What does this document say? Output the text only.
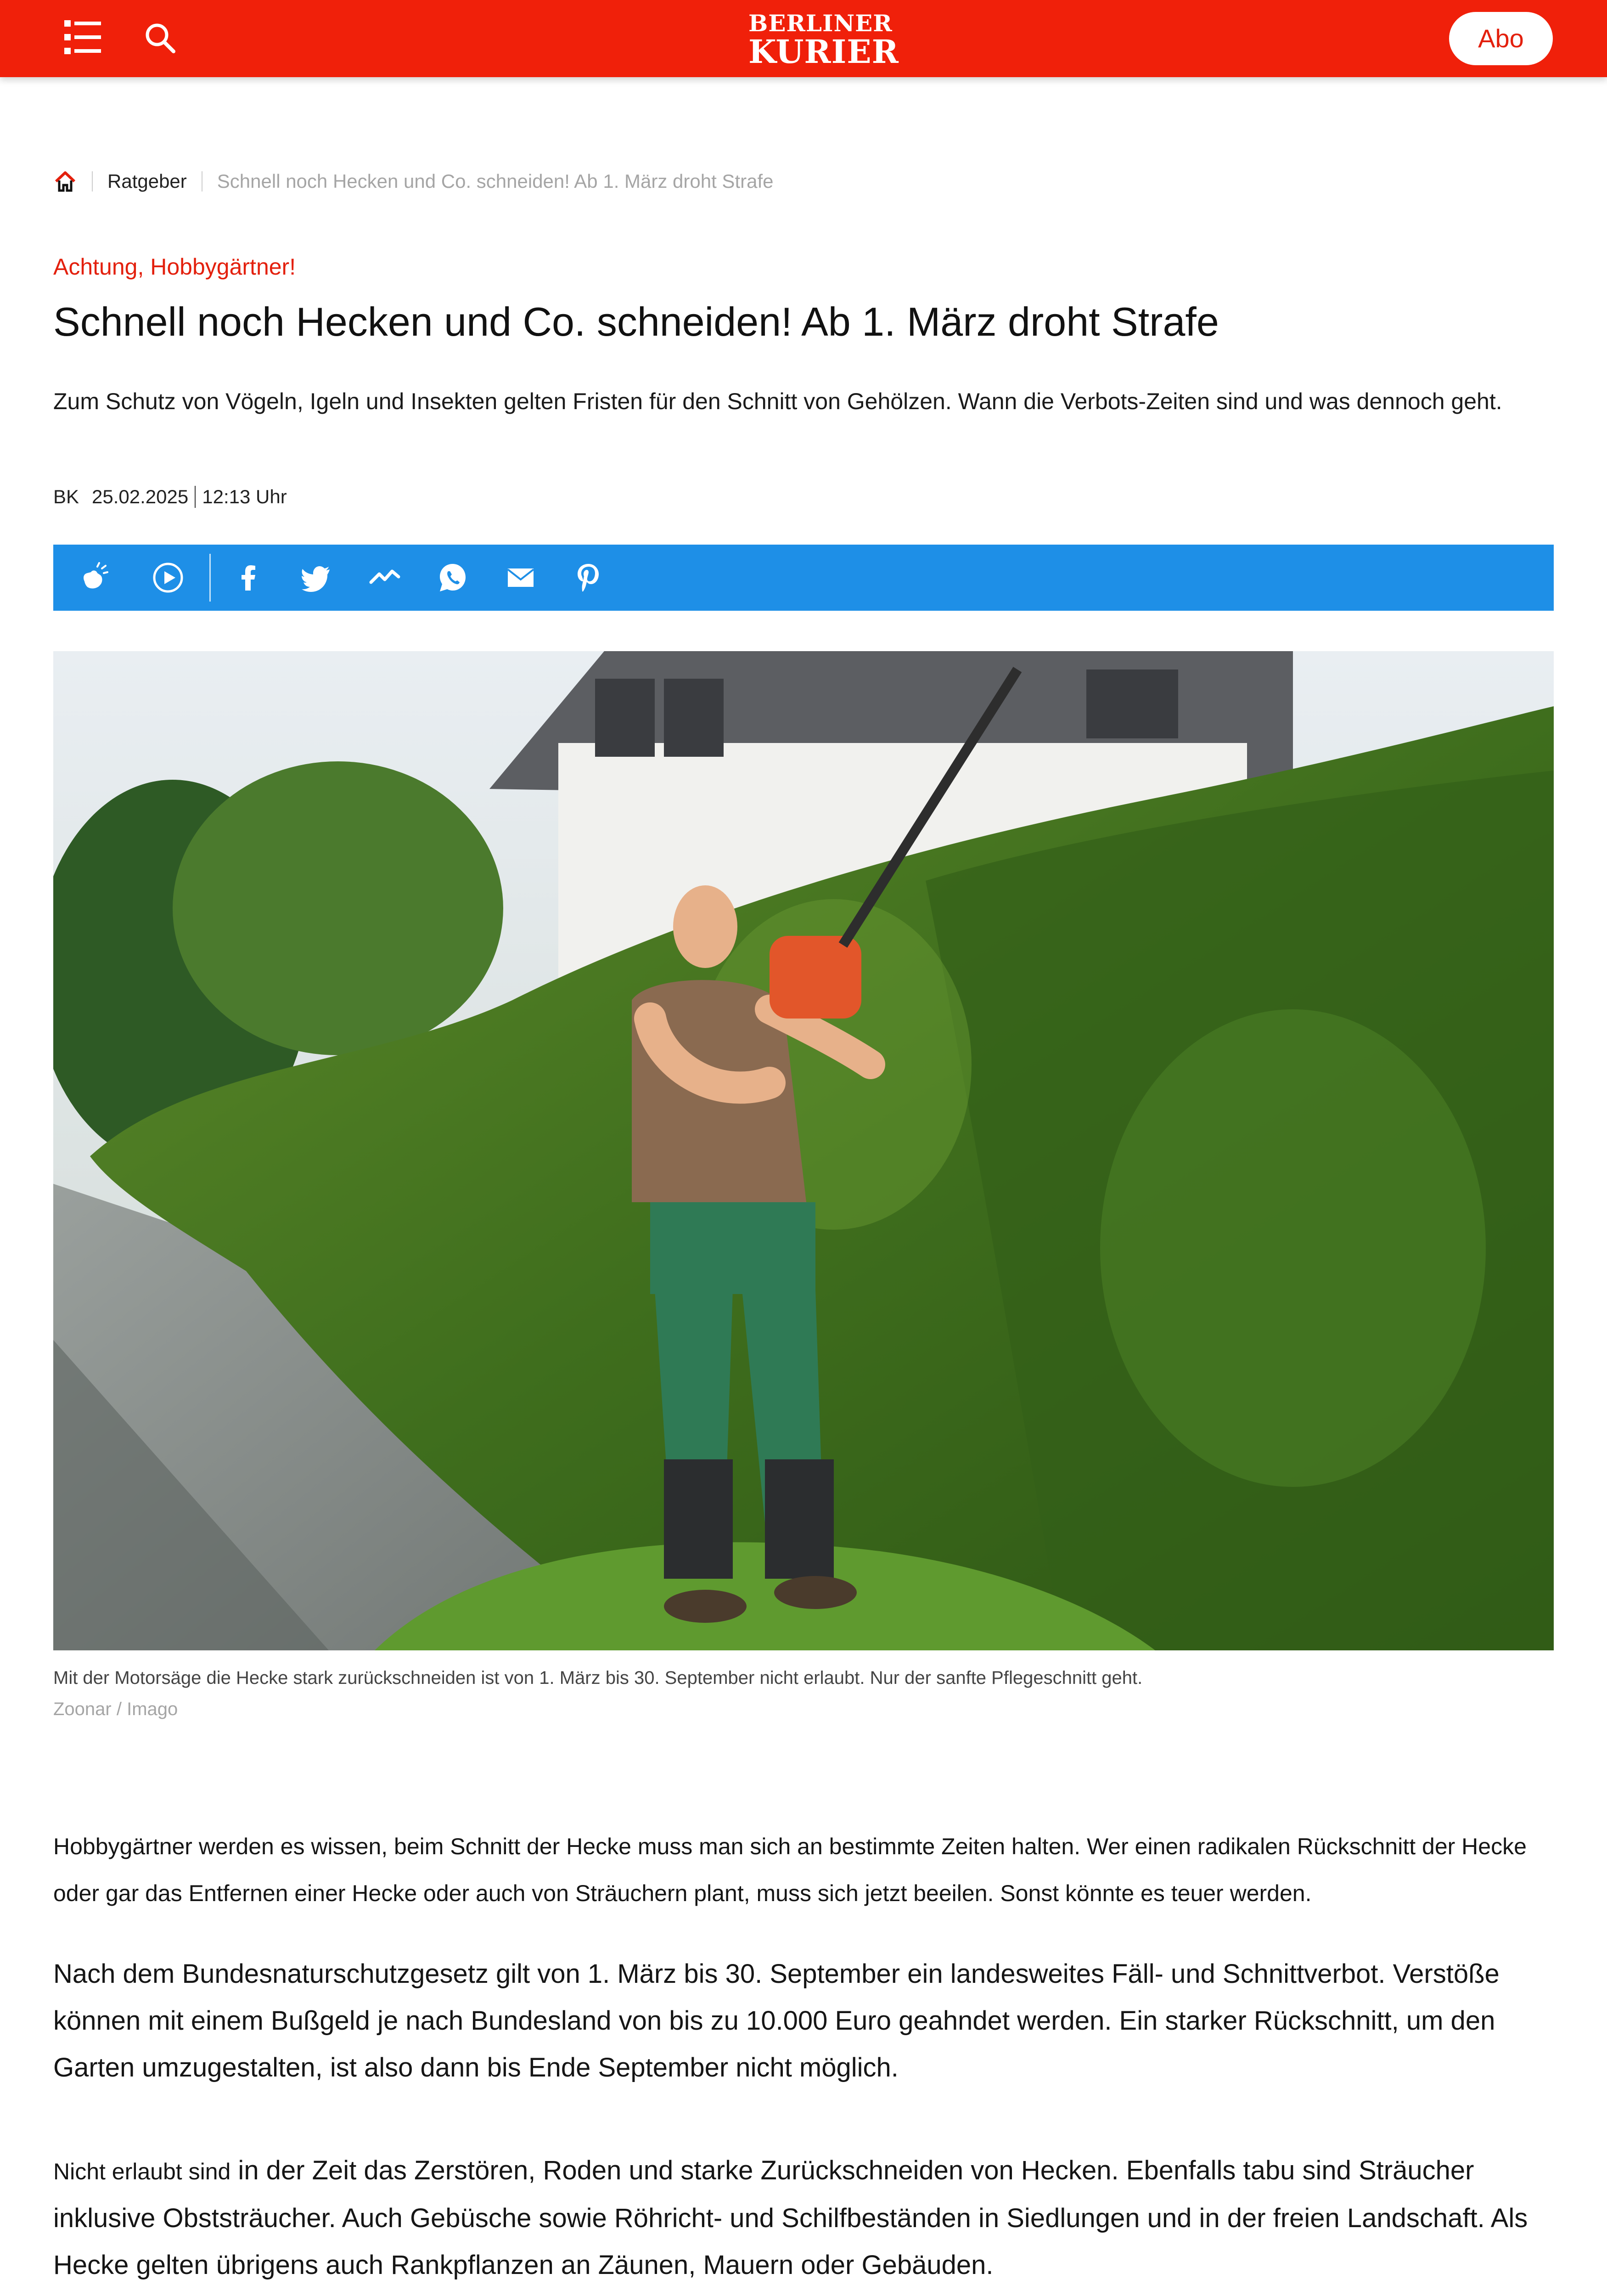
BERLINER
KURIER	Abo
Ratgeber Schnell noch Hecken und Co. schneiden! Ab 1. März droht Strafe
Achtung, Hobbygärtner!
Schnell noch Hecken und Co. schneiden! Ab 1. März droht Strafe

Zum Schutz von Vögeln, Igeln und Insekten gelten Fristen für den Schnitt von Gehölzen. Wann die Verbots-Zeiten sind und was dennoch geht.

BK 25.02.2025 12:13 Uhr
Mit der Motorsäge die Hecke stark zurückschneiden ist von 1. März bis 30. September nicht erlaubt. Nur der sanfte Pflegeschnitt geht.
Zoonar / Imago

Hobbygärtner werden es wissen, beim Schnitt der Hecke muss man sich an bestimmte Zeiten halten. Wer einen radikalen Rückschnitt der Hecke oder gar das Entfernen einer Hecke oder auch von Sträuchern plant, muss sich jetzt beeilen. Sonst könnte es teuer werden.

Nach dem Bundesnaturschutzgesetz gilt von 1. März bis 30. September ein landesweites Fäll- und Schnittverbot. Verstöße können mit einem Bußgeld je nach Bundesland von bis zu 10.000 Euro geahndet werden. Ein starker Rückschnitt, um den Garten umzugestalten, ist also dann bis Ende September nicht möglich.

Nicht erlaubt sind in der Zeit das Zerstören, Roden und starke Zurückschneiden von Hecken. Ebenfalls tabu sind Sträucher inklusive Obststräucher. Auch Gebüsche sowie Röhricht- und Schilfbeständen in Siedlungen und in der freien Landschaft. Als Hecke gelten übrigens auch Rankpflanzen an Zäunen, Mauern oder Gebäuden.
